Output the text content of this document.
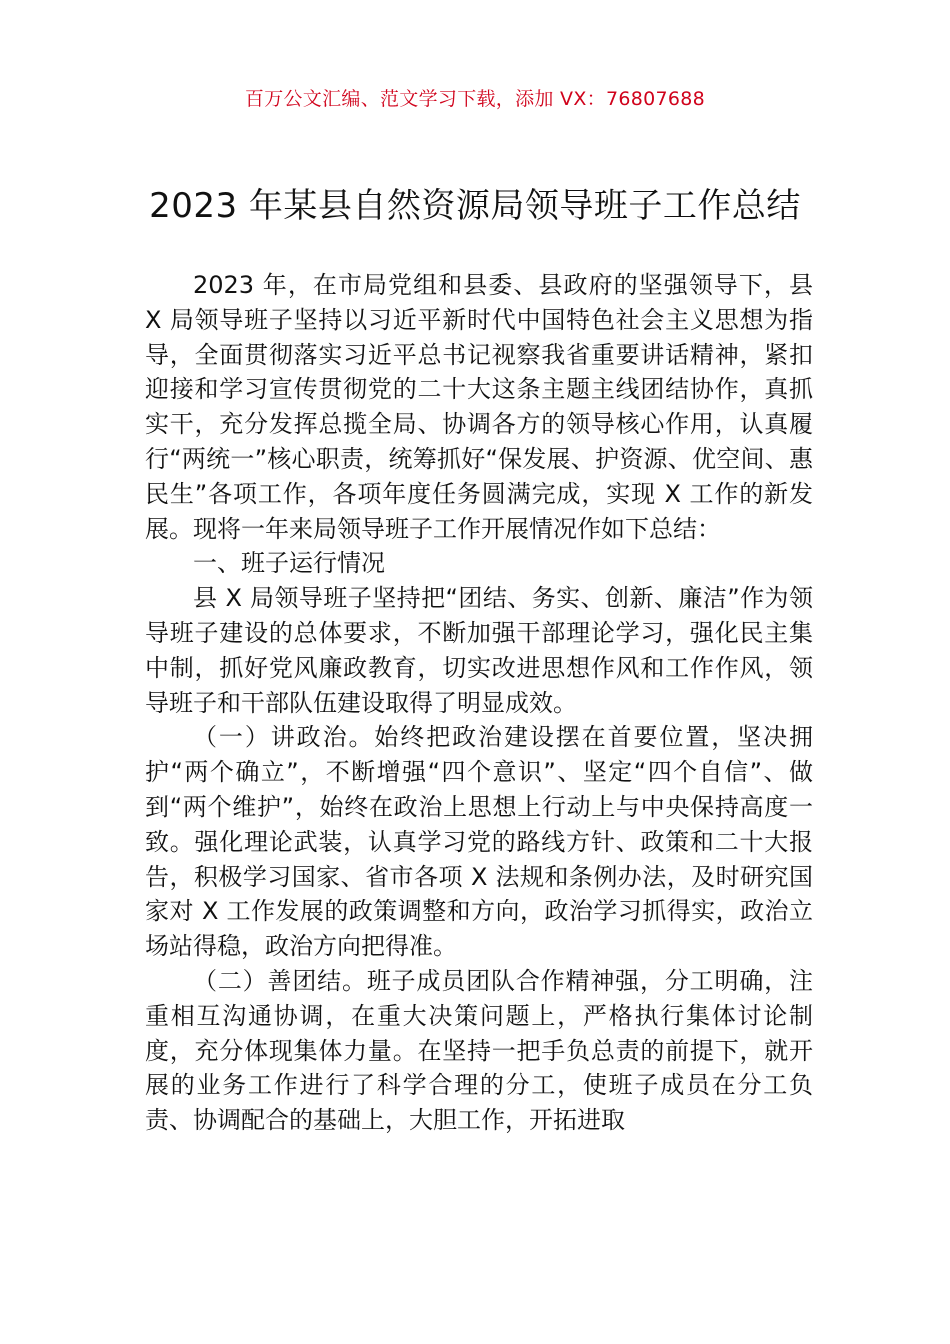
百万公文汇编、范文学习下载，添加 VX：76807688
2023 年某县自然资源局领导班子工作总结

2023 年，在市局党组和县委、县政府的坚强领导下，县 X 局领导班子坚持以习近平新时代中国特色社会主义思想为指导，全面贯彻落实习近平总书记视察我省重要讲话精神，紧扣迎接和学习宣传贯彻党的二十大这条主题主线团结协作，真抓实干，充分发挥总揽全局、协调各方的领导核心作用，认真履行“两统一”核心职责，统筹抓好“保发展、护资源、优空间、惠民生”各项工作，各项年度任务圆满完成，实现 X 工作的新发展。现将一年来局领导班子工作开展情况作如下总结：

一、班子运行情况

县 X 局领导班子坚持把“团结、务实、创新、廉洁”作为领导班子建设的总体要求，不断加强干部理论学习，强化民主集中制，抓好党风廉政教育，切实改进思想作风和工作作风，领导班子和干部队伍建设取得了明显成效。

（一）讲政治。始终把政治建设摆在首要位置，坚决拥护“两个确立”，不断增强“四个意识”、坚定“四个自信”、做到“两个维护”，始终在政治上思想上行动上与中央保持高度一致。强化理论武装，认真学习党的路线方针、政策和二十大报告，积极学习国家、省市各项 X 法规和条例办法，及时研究国家对 X 工作发展的政策调整和方向，政治学习抓得实，政治立场站得稳，政治方向把得准。

（二）善团结。班子成员团队合作精神强，分工明确，注重相互沟通协调，在重大决策问题上，严格执行集体讨论制度，充分体现集体力量。在坚持一把手负总责的前提下，就开展的业务工作进行了科学合理的分工，使班子成员在分工负责、协调配合的基础上，大胆工作，开拓进取
